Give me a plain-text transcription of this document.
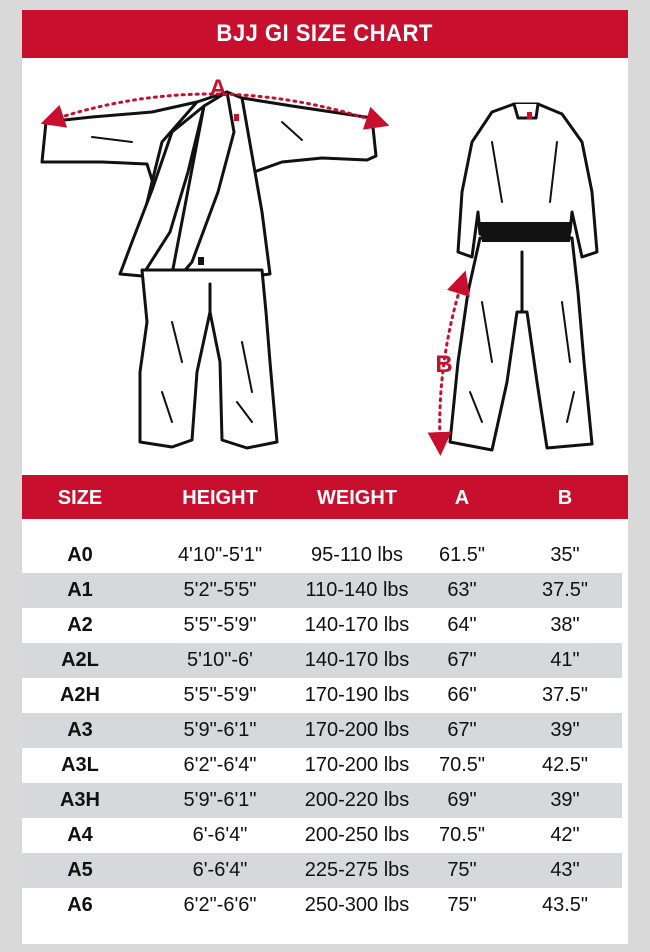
BJJ GI SIZE CHART
A
B
SIZE	HEIGHT	WEIGHT	A	B
A0	4'10"-5'1"	95-110 lbs	61.5"	35"
A1	5'2"-5'5"	110-140 lbs	63"	37.5"
A2	5'5"-5'9"	140-170 lbs	64"	38"
A2L	5'10"-6'	140-170 lbs	67"	41"
A2H	5'5"-5'9"	170-190 lbs	66"	37.5"
A3	5'9"-6'1"	170-200 lbs	67"	39"
A3L	6'2"-6'4"	170-200 lbs	70.5"	42.5"
A3H	5'9"-6'1"	200-220 lbs	69"	39"
A4	6'-6'4"	200-250 lbs	70.5"	42"
A5	6'-6'4"	225-275 lbs	75"	43"
A6	6'2"-6'6"	250-300 lbs	75"	43.5"
